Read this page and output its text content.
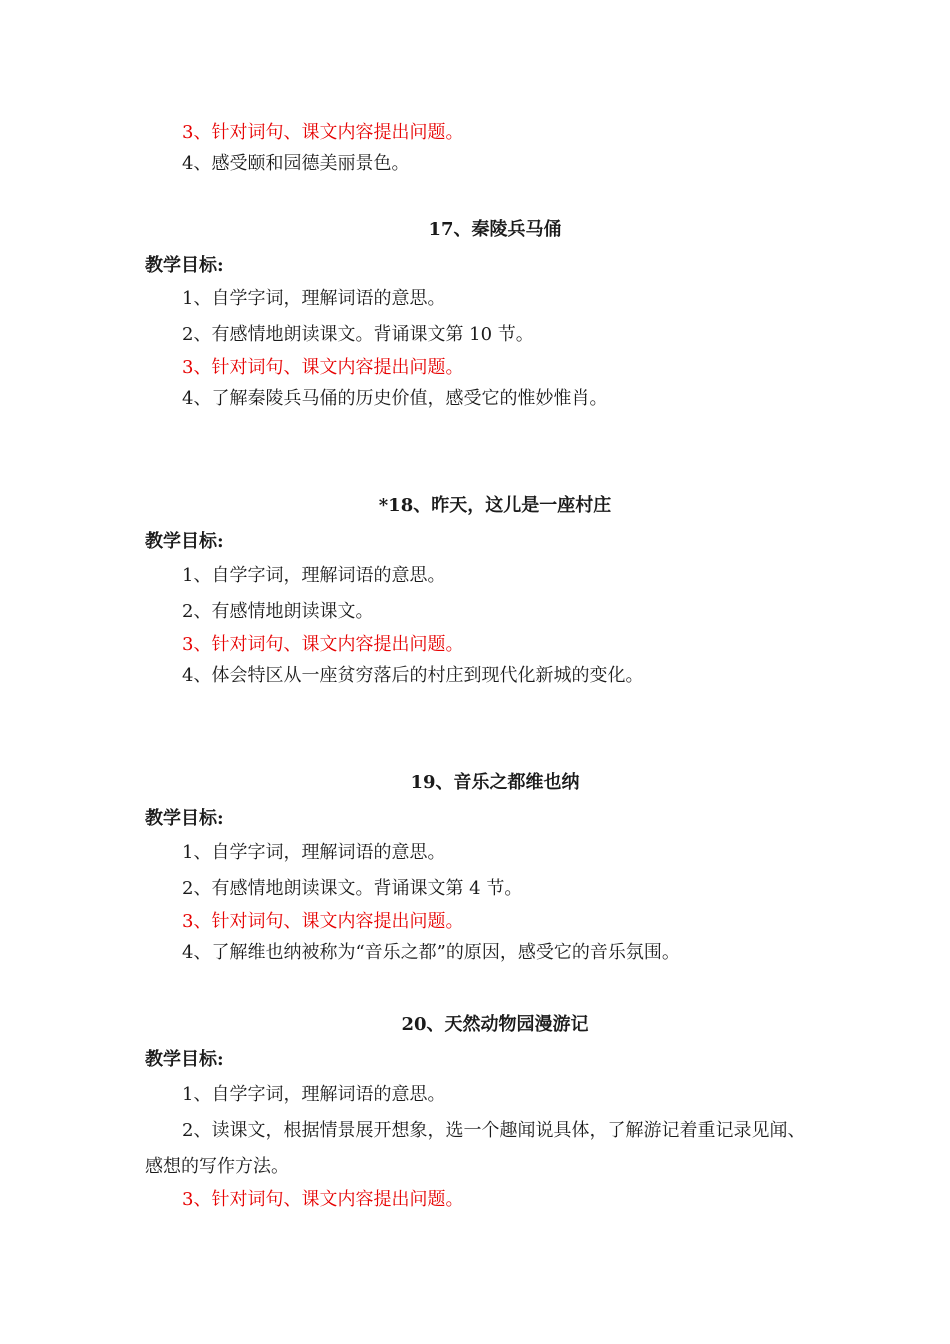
3、针对词句、课文内容提出问题。
4、感受颐和园德美丽景色。
17、秦陵兵马俑
教学目标:
1、自学字词，理解词语的意思。
2、有感情地朗读课文。背诵课文第 10 节。
3、针对词句、课文内容提出问题。
4、了解秦陵兵马俑的历史价值，感受它的惟妙惟肖。
*18、昨天，这儿是一座村庄
教学目标:
1、自学字词，理解词语的意思。
2、有感情地朗读课文。
3、针对词句、课文内容提出问题。
4、体会特区从一座贫穷落后的村庄到现代化新城的变化。
19、音乐之都维也纳
教学目标:
1、自学字词，理解词语的意思。
2、有感情地朗读课文。背诵课文第 4 节。
3、针对词句、课文内容提出问题。
4、了解维也纳被称为“音乐之都”的原因，感受它的音乐氛围。
20、天然动物园漫游记
教学目标:
1、自学字词，理解词语的意思。
2、读课文，根据情景展开想象，选一个趣闻说具体，了解游记着重记录见闻、感想的写作方法。
3、针对词句、课文内容提出问题。
